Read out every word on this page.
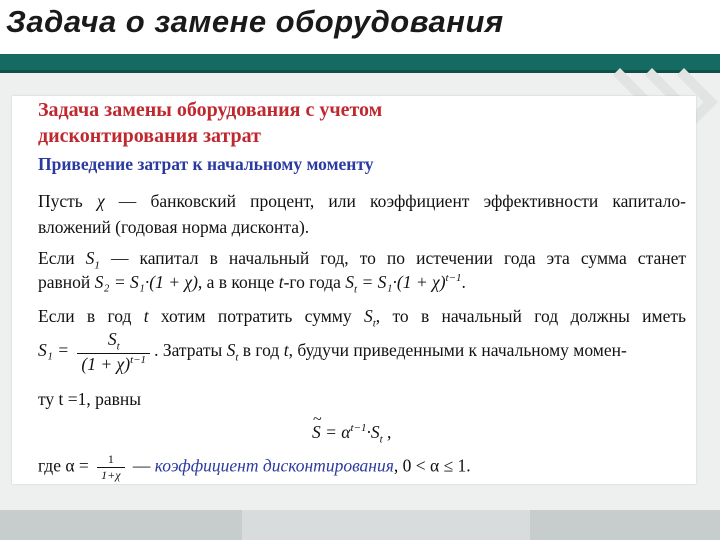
Задача о замене оборудования
Задача замены оборудования с учетом
дисконтирования затрат

Приведение затрат к начальному моменту

Пусть χ — банковский процент, или коэффициент эффективности капитало-

вложений (годовая норма дисконта).

Если $S_1$ — капитал в начальный год, то по истечении года эта сумма станет

равной S₂ = S₁·(1 + χ), а в конце t-го года $S_t = S_1\cdot(1 + \chi)^{t-1}$.

Если в год t хотим потратить сумму $S_t$, то в начальный год должны иметь

$S_1 = \frac{S_t}{(1 + \chi)^{t-1}}$ . Затраты $S_t$ в год t, будучи приведенными к начальному момен-

ту t =1, равны

~ $S = \alpha^{t-1}\cdot S_t$ ,

где $\alpha = \frac{1}{1+\chi}$ — коэффициент дисконтирования, 0 < α ≤ 1.
